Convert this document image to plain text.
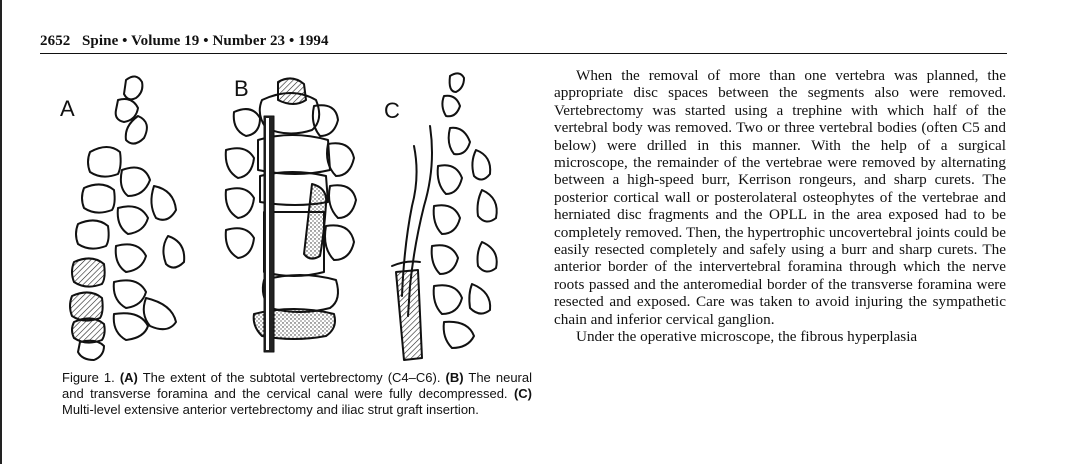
2652 Spine • Volume 19 • Number 23 • 1994
A
B
C
Figure 1. (A) The extent of the subtotal vertebrectomy (C4–C6). (B) The neural and transverse foramina and the cervical canal were fully decompressed. (C) Multi-level extensive anterior vertebrectomy and iliac strut graft insertion.

When the removal of more than one vertebra was planned, the appropriate disc spaces between the segments also were removed. Vertebrectomy was started using a trephine with which half of the vertebral body was removed. Two or three vertebral bodies (often C5 and below) were drilled in this manner. With the help of a surgical microscope, the remainder of the vertebrae were removed by alternating between a high-speed burr, Kerrison rongeurs, and sharp curets. The posterior cortical wall or posterolateral osteophytes of the vertebrae and herniated disc fragments and the OPLL in the area exposed had to be completely removed. Then, the hypertrophic uncovertebral joints could be easily resected completely and safely using a burr and sharp curets. The anterior border of the intervertebral foramina through which the nerve roots passed and the anteromedial border of the transverse foramina were resected and exposed. Care was taken to avoid injuring the sympathetic chain and inferior cervical ganglion.

Under the operative microscope, the fibrous hyperplasia
